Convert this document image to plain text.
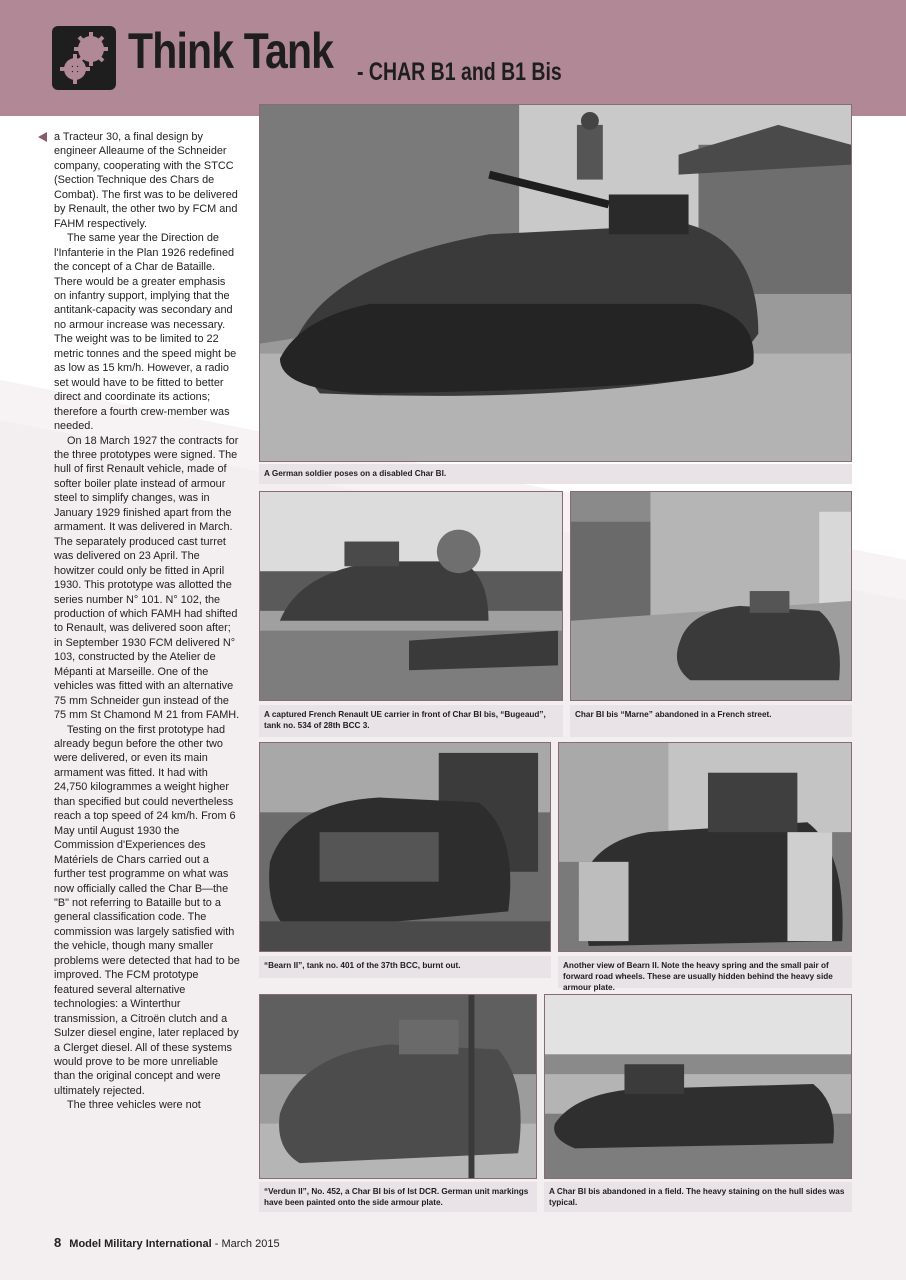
Think Tank - CHAR B1 and B1 Bis

a Tracteur 30, a final design by engineer Alleaume of the Schneider company, cooperating with the STCC (Section Technique des Chars de Combat). The first was to be delivered by Renault, the other two by FCM and FAHM respectively.

The same year the Direction de l'Infanterie in the Plan 1926 redefined the concept of a Char de Bataille. There would be a greater emphasis on infantry support, implying that the antitank-capacity was secondary and no armour increase was necessary. The weight was to be limited to 22 metric tonnes and the speed might be as low as 15 km/h. However, a radio set would have to be fitted to better direct and coordinate its actions; therefore a fourth crew-member was needed.

On 18 March 1927 the contracts for the three prototypes were signed. The hull of first Renault vehicle, made of softer boiler plate instead of armour steel to simplify changes, was in January 1929 finished apart from the armament. It was delivered in March. The separately produced cast turret was delivered on 23 April. The howitzer could only be fitted in April 1930. This prototype was allotted the series number N° 101. N° 102, the production of which FAMH had shifted to Renault, was delivered soon after; in September 1930 FCM delivered N° 103, constructed by the Atelier de Mépanti at Marseille. One of the vehicles was fitted with an alternative 75 mm Schneider gun instead of the 75 mm St Chamond M 21 from FAMH.

Testing on the first prototype had already begun before the other two were delivered, or even its main armament was fitted. It had with 24,750 kilogrammes a weight higher than specified but could nevertheless reach a top speed of 24 km/h. From 6 May until August 1930 the Commission d'Experiences des Matériels de Chars carried out a further test programme on what was now officially called the Char B—the "B" not referring to Bataille but to a general classification code. The commission was largely satisfied with the vehicle, though many smaller problems were detected that had to be improved. The FCM prototype featured several alternative technologies: a Winterthur transmission, a Citroën clutch and a Sulzer diesel engine, later replaced by a Clerget diesel. All of these systems would prove to be more unreliable than the original concept and were ultimately rejected.

The three vehicles were not

A German soldier poses on a disabled Char BI.
A captured French Renault UE carrier in front of Char BI bis, “Bugeaud”, tank no. 534 of 28th BCC 3.
Char BI bis “Marne” abandoned in a French street.
“Bearn II”, tank no. 401 of the 37th BCC, burnt out.	Another view of Bearn II. Note the heavy spring and the small pair of forward road wheels. These are usually hidden behind the heavy side armour plate.
“Verdun II”, No. 452, a Char BI bis of Ist DCR. German unit markings have been painted onto the side armour plate.
A Char BI bis abandoned in a field. The heavy staining on the hull sides was typical.
8 Model Military International - March 2015
